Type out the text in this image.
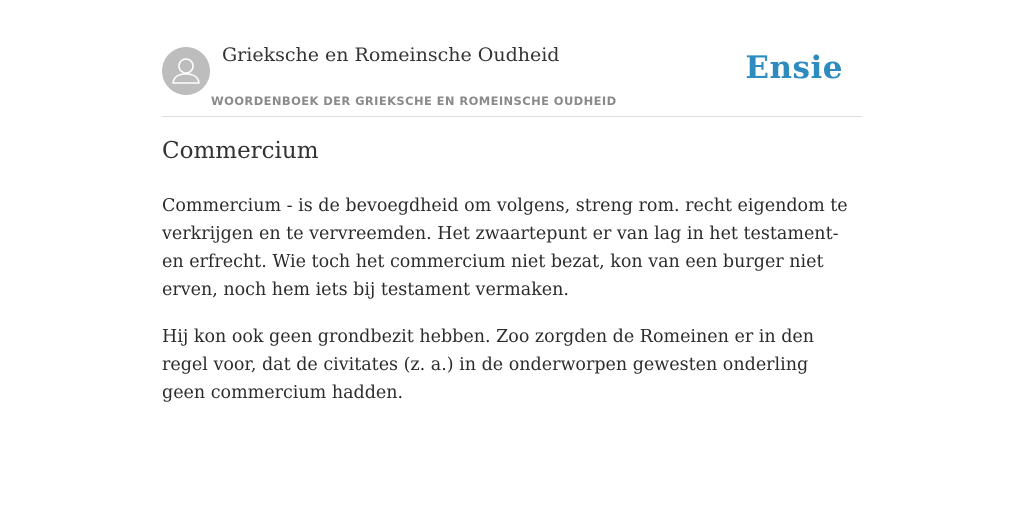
Grieksche en Romeinsche Oudheid
WOORDENBOEK DER GRIEKSCHE EN ROMEINSCHE OUDHEID
Ensie
Commercium

Commercium - is de bevoegdheid om volgens, streng rom. recht eigendom te verkrijgen en te vervreemden. Het zwaartepunt er van lag in het testament- en erfrecht. Wie toch het commercium niet bezat, kon van een burger niet erven, noch hem iets bij testament vermaken.

Hij kon ook geen grondbezit hebben. Zoo zorgden de Romeinen er in den regel voor, dat de civitates (z. a.) in de onderworpen gewesten onderling geen commercium hadden.
